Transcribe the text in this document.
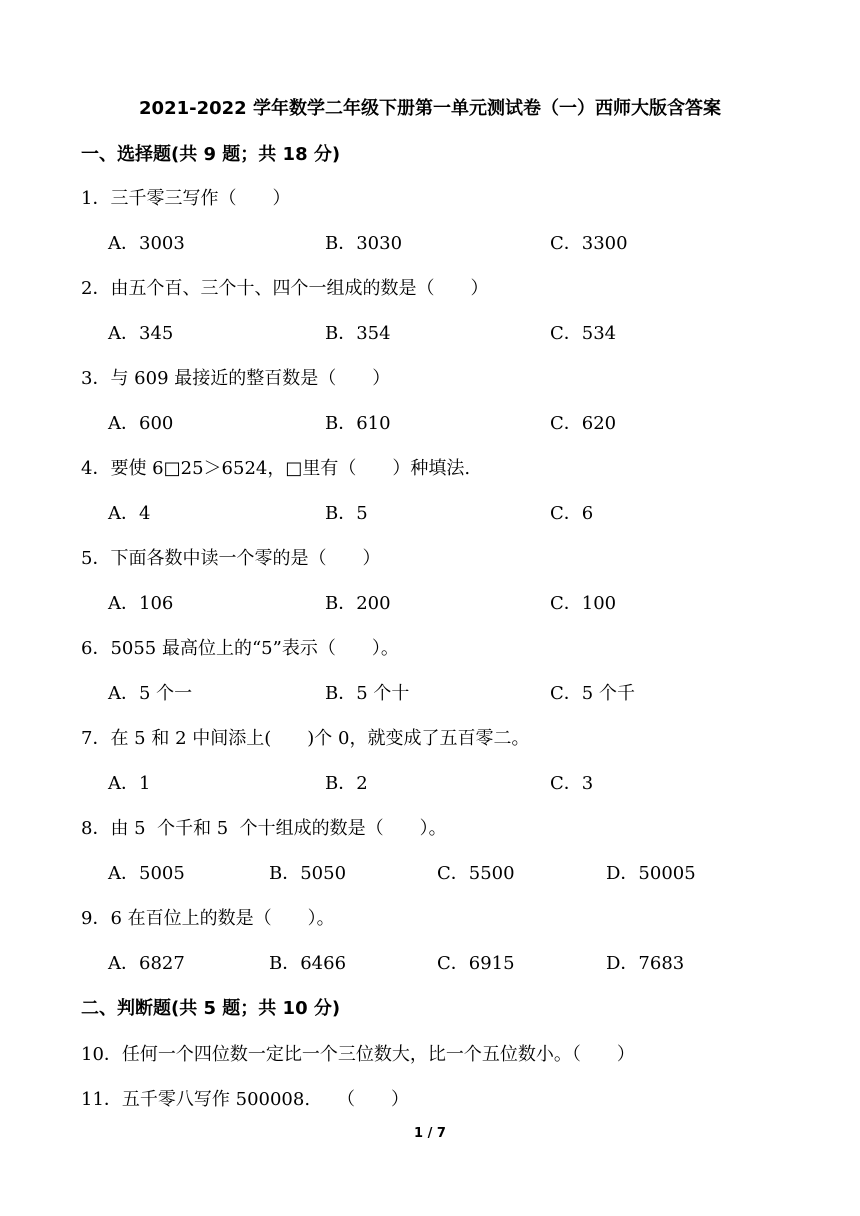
2021-2022 学年数学二年级下册第一单元测试卷（一）西师大版含答案
一、选择题(共 9 题；共 18 分)
1．三千零三写作（　　）
A．3003	B．3030	C．3300
2．由五个百、三个十、四个一组成的数是（　　）
A．345	B．354	C．534
3．与 609 最接近的整百数是（　　）
A．600	B．610	C．620
4．要使 6□25＞6524，□里有（　　）种填法.
A．4	B．5	C．6
5．下面各数中读一个零的是（　　）
A．106	B．200	C．100
6．5055 最高位上的“5”表示（　　）。
A．5 个一	B．5 个十	C．5 个千
7．在 5 和 2 中间添上(　　)个 0，就变成了五百零二。
A．1	B．2	C．3
8．由 5  个千和 5  个十组成的数是（　　）。
A．5005	B．5050	C．5500	D．50005
9．6 在百位上的数是（　　）。
A．6827	B．6466	C．6915	D．7683
二、判断题(共 5 题；共 10 分)
10．任何一个四位数一定比一个三位数大，比一个五位数小。（　　）
11．五千零八写作 500008.　　（　　）
1 / 7
